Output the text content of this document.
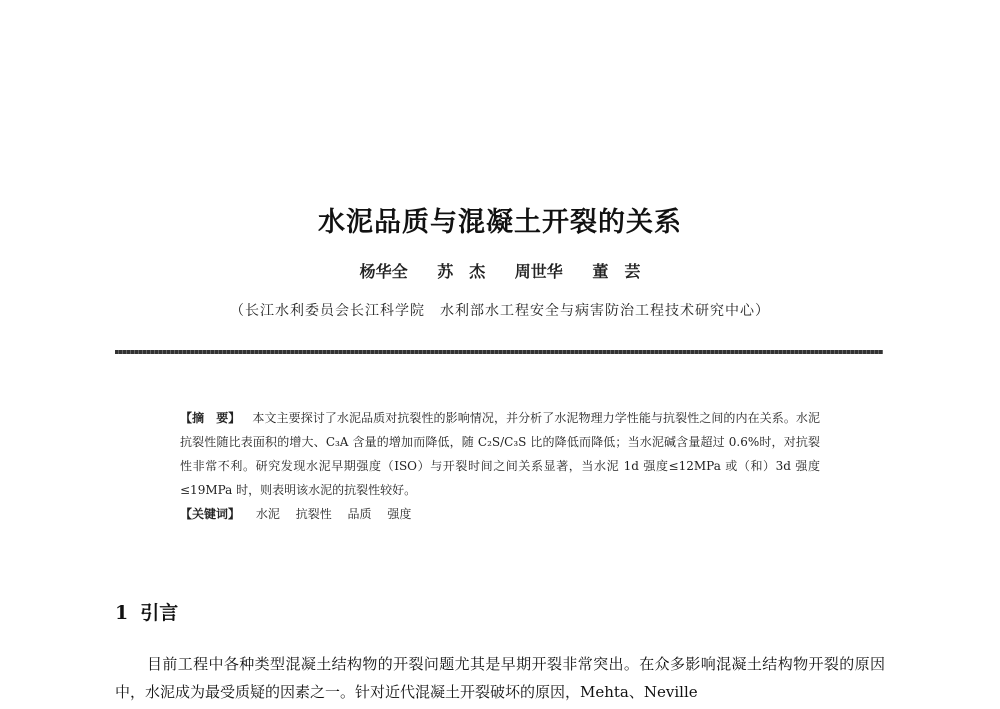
水泥品质与混凝土开裂的关系
杨华全 苏　杰 周世华 董　芸
（长江水利委员会长江科学院　水利部水工程安全与病害防治工程技术研究中心）

【摘　要】 本文主要探讨了水泥品质对抗裂性的影响情况，并分析了水泥物理力学性能与抗裂性之间的内在关系。水泥抗裂性随比表面积的增大、C₃A 含量的增加而降低，随 C₂S/C₃S 比的降低而降低；当水泥碱含量超过 0.6%时，对抗裂性非常不利。研究发现水泥早期强度（ISO）与开裂时间之间关系显著，当水泥 1d 强度≤12MPa 或（和）3d 强度≤19MPa 时，则表明该水泥的抗裂性较好。

【关键词】 水泥 抗裂性 品质 强度

1 引言

目前工程中各种类型混凝土结构物的开裂问题尤其是早期开裂非常突出。在众多影响混凝土结构物开裂的原因中，水泥成为最受质疑的因素之一。针对近代混凝土开裂破坏的原因，Mehta、Neville
